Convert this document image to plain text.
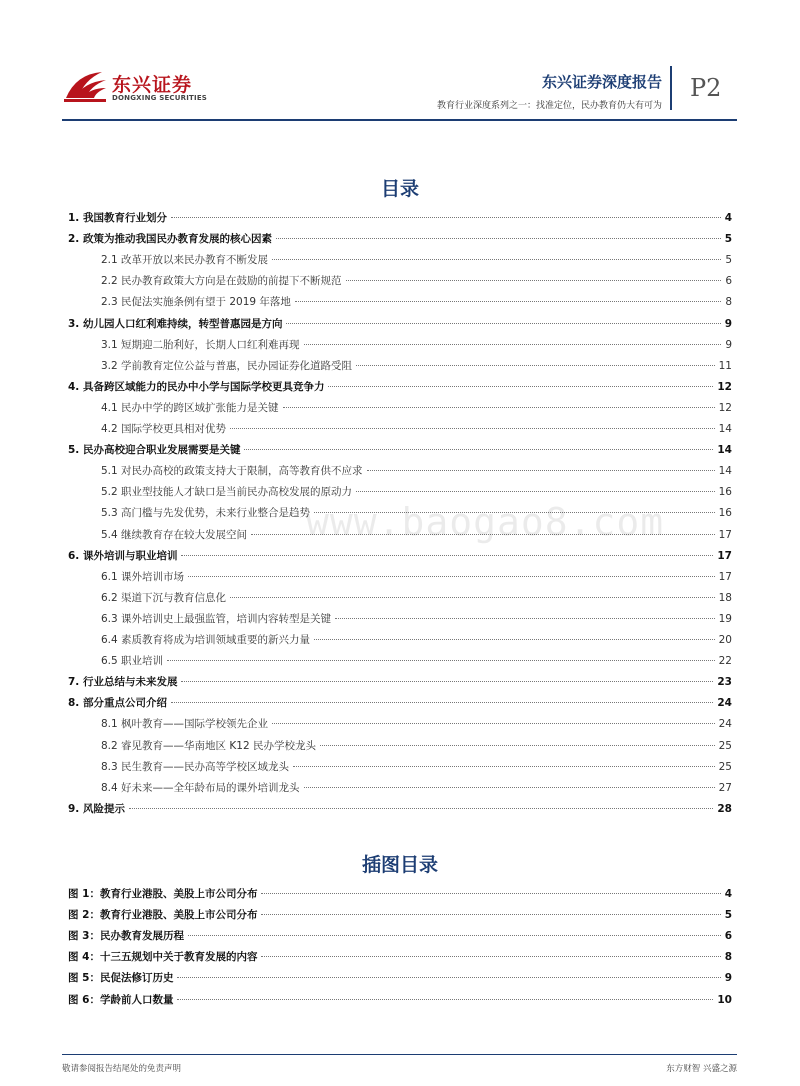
东兴证券
DONGXING SECURITIES
东兴证券深度报告
教育行业深度系列之一：找准定位，民办教育仍大有可为
P2
目录
1. 我国教育行业划分	4
2. 政策为推动我国民办教育发展的核心因素	5
2.1 改革开放以来民办教育不断发展	5
2.2 民办教育政策大方向是在鼓励的前提下不断规范	6
2.3 民促法实施条例有望于 2019 年落地	8
3. 幼儿园人口红利难持续，转型普惠园是方向	9
3.1 短期迎二胎利好，长期人口红利难再现	9
3.2 学前教育定位公益与普惠，民办园证券化道路受阻	11
4. 具备跨区域能力的民办中小学与国际学校更具竞争力	12
4.1 民办中学的跨区域扩张能力是关键	12
4.2 国际学校更具相对优势	14
5. 民办高校迎合职业发展需要是关键	14
5.1 对民办高校的政策支持大于限制，高等教育供不应求	14
5.2 职业型技能人才缺口是当前民办高校发展的原动力	16
5.3 高门槛与先发优势，未来行业整合是趋势	16
5.4 继续教育存在较大发展空间	17
6. 课外培训与职业培训	17
6.1 课外培训市场	17
6.2 渠道下沉与教育信息化	18
6.3 课外培训史上最强监管，培训内容转型是关键	19
6.4 素质教育将成为培训领域重要的新兴力量	20
6.5 职业培训	22
7. 行业总结与未来发展	23
8. 部分重点公司介绍	24
8.1 枫叶教育——国际学校领先企业	24
8.2 睿见教育——华南地区 K12 民办学校龙头	25
8.3 民生教育——民办高等学校区域龙头	25
8.4 好未来——全年龄布局的课外培训龙头	27
9. 风险提示	28
插图目录
图 1：教育行业港股、美股上市公司分布	4
图 2：教育行业港股、美股上市公司分布	5
图 3：民办教育发展历程	6
图 4：十三五规划中关于教育发展的内容	8
图 5：民促法修订历史	9
图 6：学龄前人口数量	10
www.baogao8.com
敬请参阅报告结尾处的免责声明	东方财智 兴盛之源
